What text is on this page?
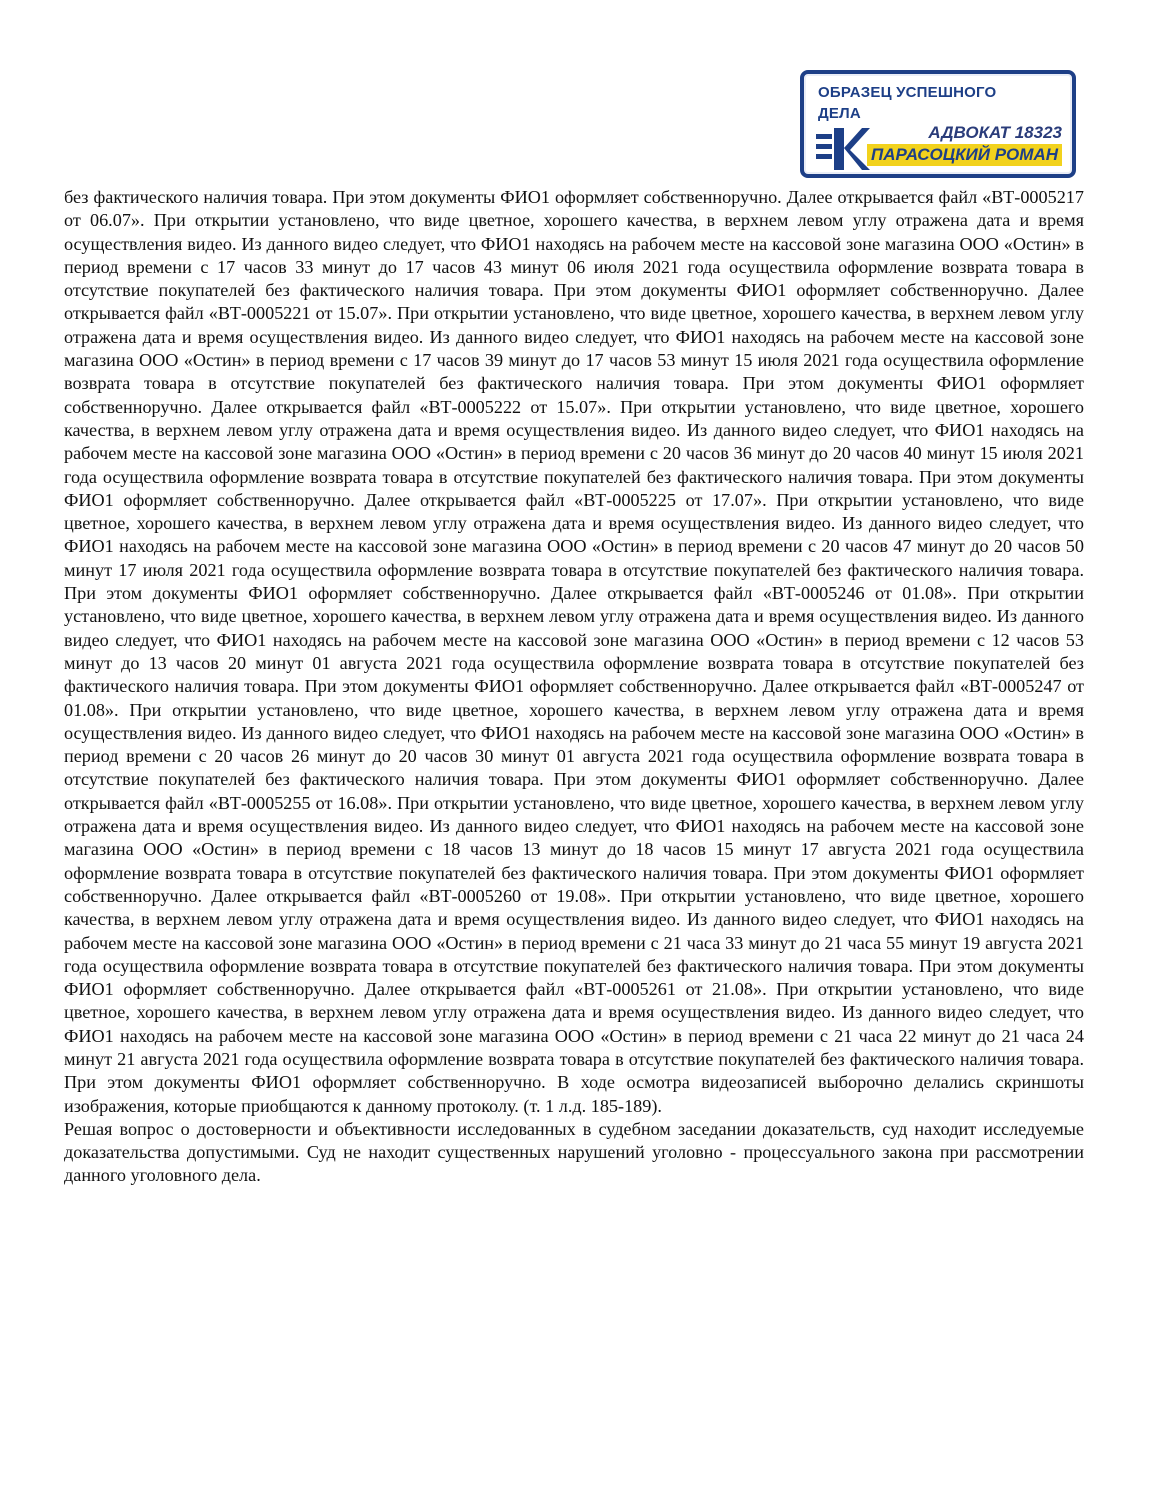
ОБРАЗЕЦ УСПЕШНОГО
ДЕЛА
АДВОКАТ 18323
ПАРАСОЦКИЙ РОМАН

без фактического наличия товара. При этом документы ФИО1 оформляет собственноручно. Далее открывается файл «ВТ-0005217 от 06.07». При открытии установлено, что виде цветное, хорошего качества, в верхнем левом углу отражена дата и время осуществления видео. Из данного видео следует, что ФИО1 находясь на рабочем месте на кассовой зоне магазина ООО «Остин» в период времени с 17 часов 33 минут до 17 часов 43 минут 06 июля 2021 года осуществила оформление возврата товара в отсутствие покупателей без фактического наличия товара. При этом документы ФИО1 оформляет собственноручно. Далее открывается файл «ВТ-0005221 от 15.07». При открытии установлено, что виде цветное, хорошего качества, в верхнем левом углу отражена дата и время осуществления видео. Из данного видео следует, что ФИО1 находясь на рабочем месте на кассовой зоне магазина ООО «Остин» в период времени с 17 часов 39 минут до 17 часов 53 минут 15 июля 2021 года осуществила оформление возврата товара в отсутствие покупателей без фактического наличия товара. При этом документы ФИО1 оформляет собственноручно. Далее открывается файл «ВТ-0005222 от 15.07». При открытии установлено, что виде цветное, хорошего качества, в верхнем левом углу отражена дата и время осуществления видео. Из данного видео следует, что ФИО1 находясь на рабочем месте на кассовой зоне магазина ООО «Остин» в период времени с 20 часов 36 минут до 20 часов 40 минут 15 июля 2021 года осуществила оформление возврата товара в отсутствие покупателей без фактического наличия товара. При этом документы ФИО1 оформляет собственноручно. Далее открывается файл «ВТ-0005225 от 17.07». При открытии установлено, что виде цветное, хорошего качества, в верхнем левом углу отражена дата и время осуществления видео. Из данного видео следует, что ФИО1 находясь на рабочем месте на кассовой зоне магазина ООО «Остин» в период времени с 20 часов 47 минут до 20 часов 50 минут 17 июля 2021 года осуществила оформление возврата товара в отсутствие покупателей без фактического наличия товара. При этом документы ФИО1 оформляет собственноручно. Далее открывается файл «ВТ-0005246 от 01.08». При открытии установлено, что виде цветное, хорошего качества, в верхнем левом углу отражена дата и время осуществления видео. Из данного видео следует, что ФИО1 находясь на рабочем месте на кассовой зоне магазина ООО «Остин» в период времени с 12 часов 53 минут до 13 часов 20 минут 01 августа 2021 года осуществила оформление возврата товара в отсутствие покупателей без фактического наличия товара. При этом документы ФИО1 оформляет собственноручно. Далее открывается файл «ВТ-0005247 от 01.08». При открытии установлено, что виде цветное, хорошего качества, в верхнем левом углу отражена дата и время осуществления видео. Из данного видео следует, что ФИО1 находясь на рабочем месте на кассовой зоне магазина ООО «Остин» в период времени с 20 часов 26 минут до 20 часов 30 минут 01 августа 2021 года осуществила оформление возврата товара в отсутствие покупателей без фактического наличия товара. При этом документы ФИО1 оформляет собственноручно. Далее открывается файл «ВТ-0005255 от 16.08». При открытии установлено, что виде цветное, хорошего качества, в верхнем левом углу отражена дата и время осуществления видео. Из данного видео следует, что ФИО1 находясь на рабочем месте на кассовой зоне магазина ООО «Остин» в период времени с 18 часов 13 минут до 18 часов 15 минут 17 августа 2021 года осуществила оформление возврата товара в отсутствие покупателей без фактического наличия товара. При этом документы ФИО1 оформляет собственноручно. Далее открывается файл «ВТ-0005260 от 19.08». При открытии установлено, что виде цветное, хорошего качества, в верхнем левом углу отражена дата и время осуществления видео. Из данного видео следует, что ФИО1 находясь на рабочем месте на кассовой зоне магазина ООО «Остин» в период времени с 21 часа 33 минут до 21 часа 55 минут 19 августа 2021 года осуществила оформление возврата товара в отсутствие покупателей без фактического наличия товара. При этом документы ФИО1 оформляет собственноручно. Далее открывается файл «ВТ-0005261 от 21.08». При открытии установлено, что виде цветное, хорошего качества, в верхнем левом углу отражена дата и время осуществления видео. Из данного видео следует, что ФИО1 находясь на рабочем месте на кассовой зоне магазина ООО «Остин» в период времени с 21 часа 22 минут до 21 часа 24 минут 21 августа 2021 года осуществила оформление возврата товара в отсутствие покупателей без фактического наличия товара. При этом документы ФИО1 оформляет собственноручно. В ходе осмотра видеозаписей выборочно делались скриншоты изображения, которые приобщаются к данному протоколу. (т. 1 л.д. 185-189).

Решая вопрос о достоверности и объективности исследованных в судебном заседании доказательств, суд находит исследуемые доказательства допустимыми. Суд не находит существенных нарушений уголовно - процессуального закона при рассмотрении данного уголовного дела.
